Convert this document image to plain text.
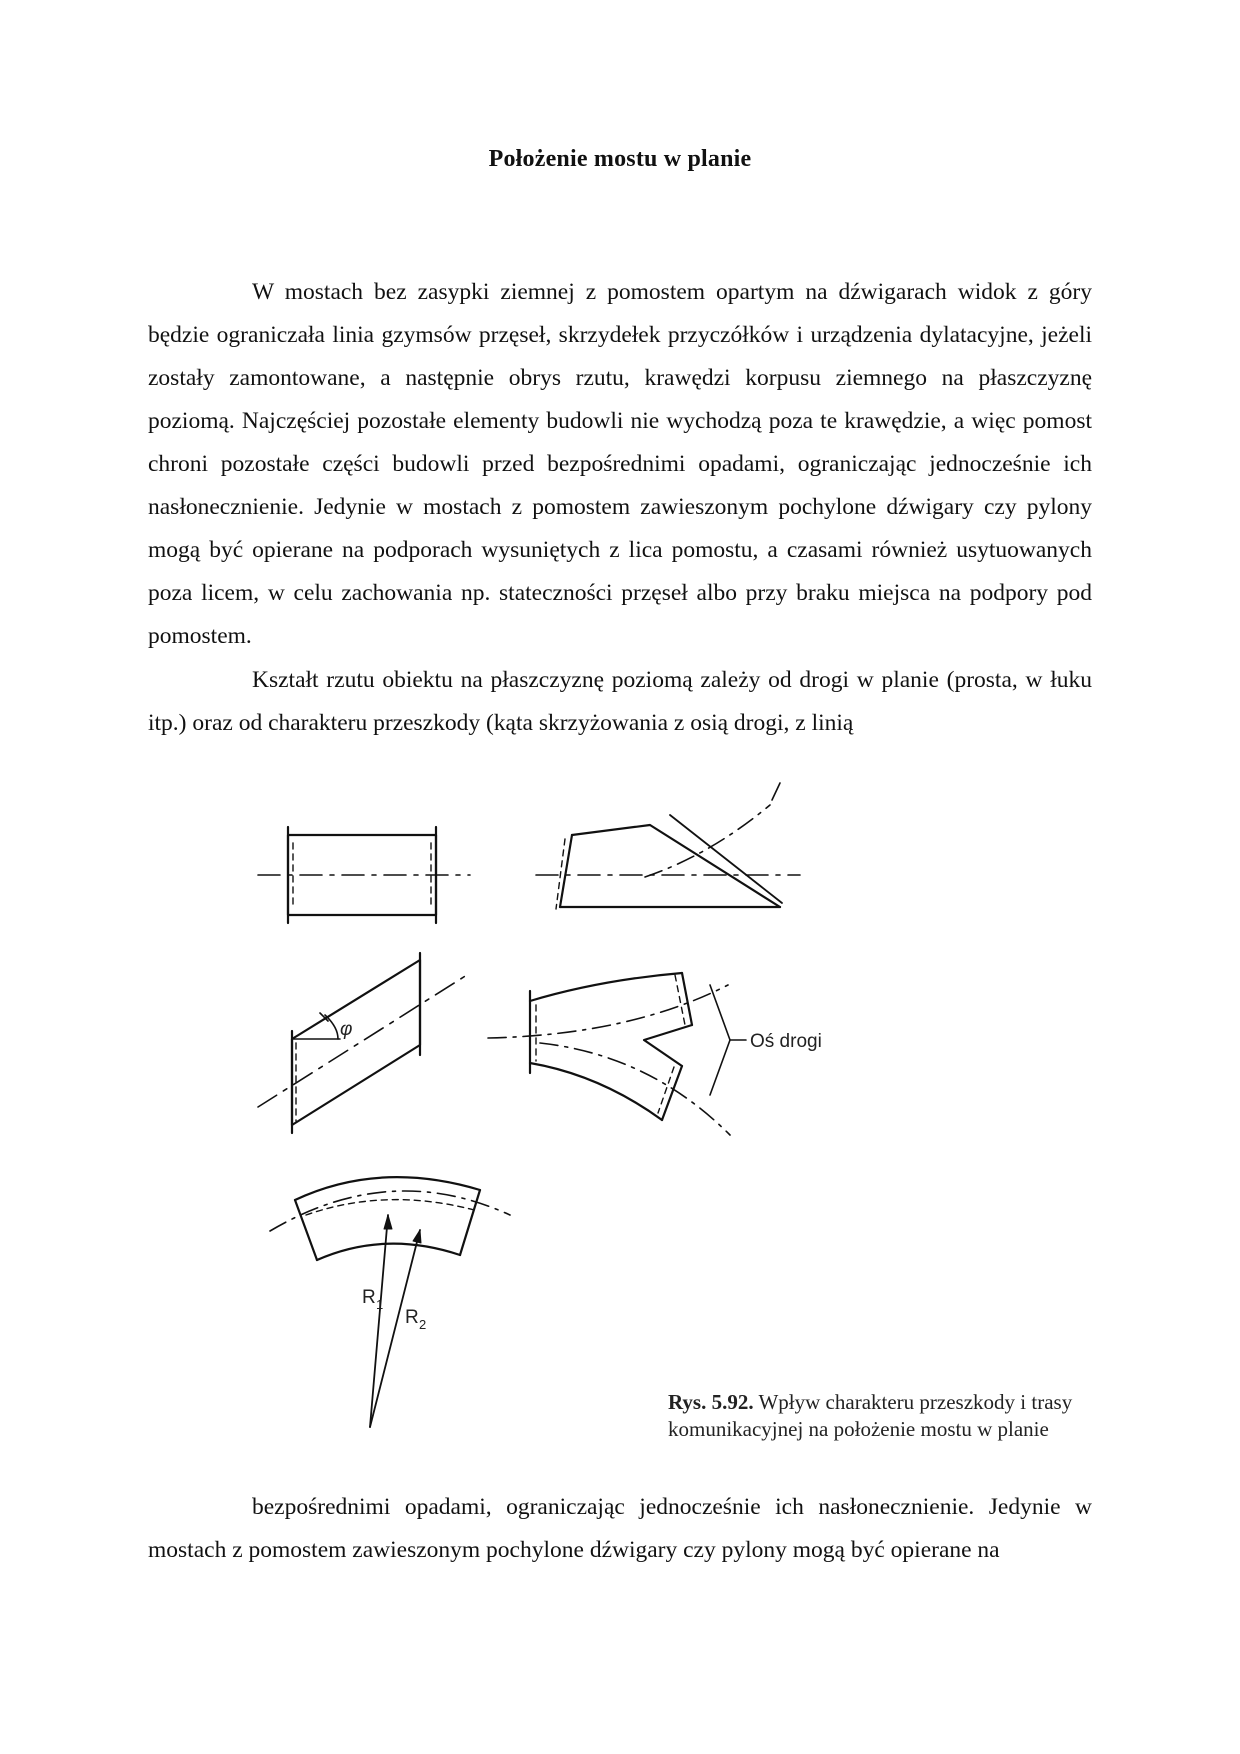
Położenie mostu w planie

W mostach bez zasypki ziemnej z pomostem opartym na dźwigarach widok z góry będzie ograniczała linia gzymsów przęseł, skrzydełek przyczółków i urządzenia dylatacyjne, jeżeli zostały zamontowane, a następnie obrys rzutu, krawędzi korpusu ziemnego na płaszczyznę poziomą. Najczęściej pozostałe elementy budowli nie wychodzą poza te krawędzie, a więc pomost chroni pozostałe części budowli przed bezpośrednimi opadami, ograniczając jednocześnie ich nasłonecznienie. Jedynie w mostach z pomostem zawieszonym pochylone dźwigary czy pylony mogą być opierane na podporach wysuniętych z lica pomostu, a czasami również usytuowanych poza licem, w celu zachowania np. stateczności przęseł albo przy braku miejsca na podpory pod pomostem.

Kształt rzutu obiektu na płaszczyznę poziomą zależy od drogi w planie (prosta, w łuku itp.) oraz od charakteru przeszkody (kąta skrzyżowania z osią drogi, z linią

φ
Oś drogi
R 1
R 2
Rys. 5.92. Wpływ charakteru przeszkody i trasy komunikacyjnej na położenie mostu w planie

bezpośrednimi opadami, ograniczając jednocześnie ich nasłonecznienie. Jedynie w mostach z pomostem zawieszonym pochylone dźwigary czy pylony mogą być opierane na
